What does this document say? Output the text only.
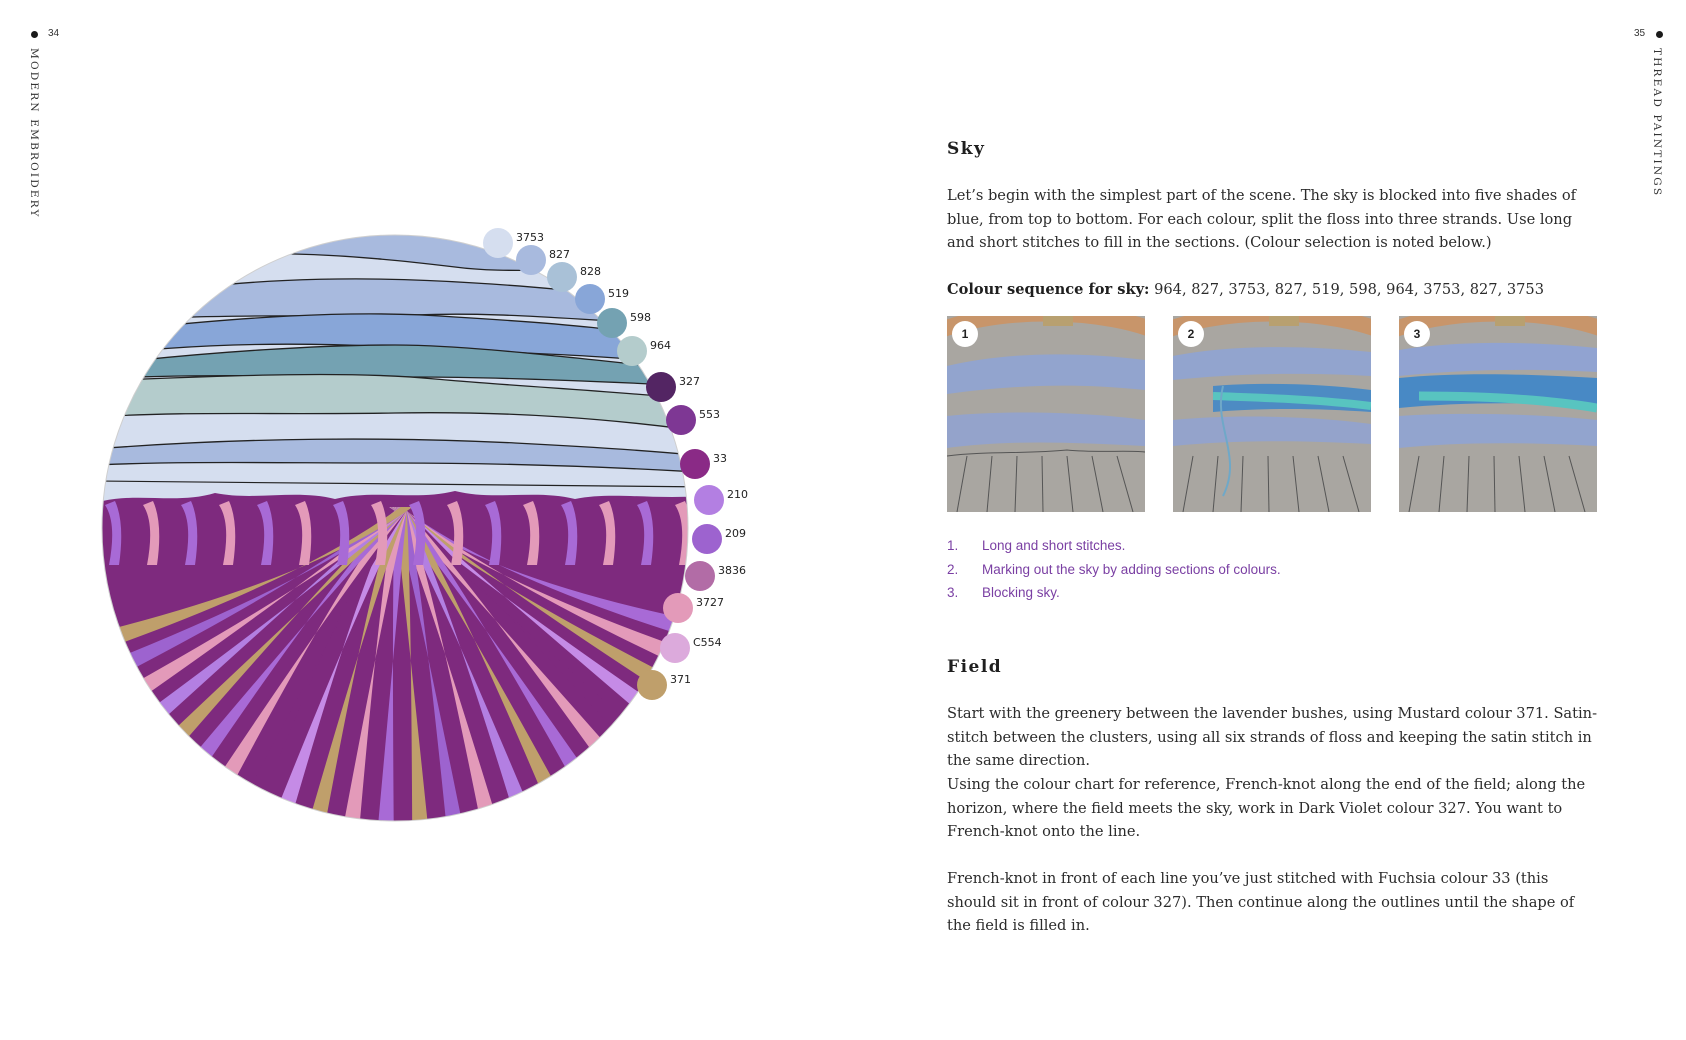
34
MODERN EMBROIDERY
35
THREAD PAINTINGS
3753
827
828
519
598
964
327
553
33
210
209
3836
3727
C554
371
Sky

Let’s begin with the simplest part of the scene. The sky is blocked into five shades of blue, from top to bottom. For each colour, split the floss into three strands. Use long and short stitches to fill in the sections. (Colour selection is noted below.)

Colour sequence for sky: 964, 827, 3753, 827, 519, 598, 964, 3753, 827, 3753

1	2	3
1. Long and short stitches.
2. Marking out the sky by adding sections of colours.
3. Blocking sky.
Field

Start with the greenery between the lavender bushes, using Mustard colour 371. Satin-stitch between the clusters, using all six strands of floss and keeping the satin stitch in the same direction.

Using the colour chart for reference, French-knot along the end of the field; along the horizon, where the field meets the sky, work in Dark Violet colour 327. You want to French-knot onto the line.

French-knot in front of each line you’ve just stitched with Fuchsia colour 33 (this should sit in front of colour 327). Then continue along the outlines until the shape of the field is filled in.
